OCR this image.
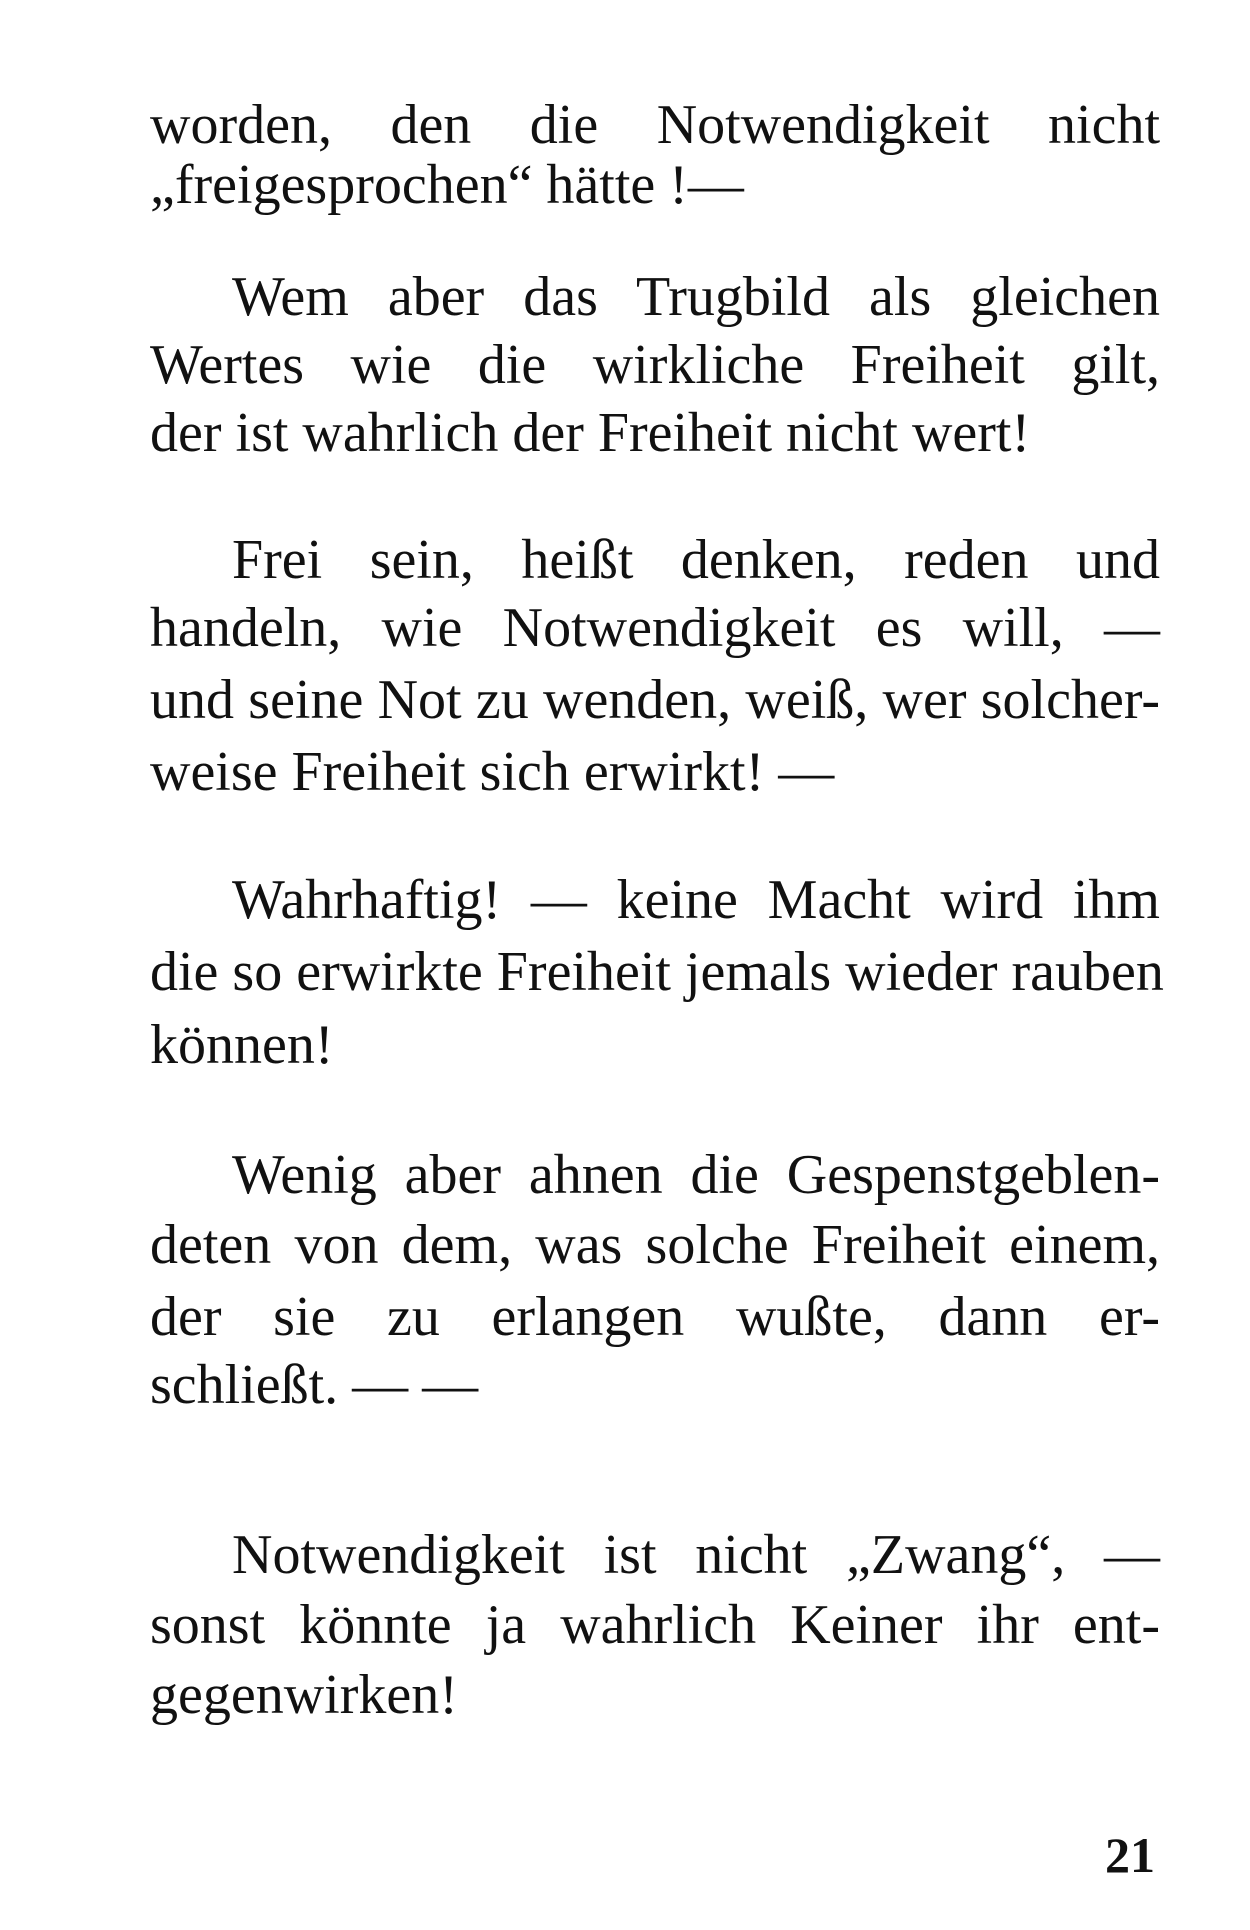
worden, den die Notwendigkeit nicht
„freigesprochen“ hätte !—
Wem aber das Trugbild als gleichen
Wertes wie die wirkliche Freiheit gilt,
der ist wahrlich der Freiheit nicht wert!
Frei sein, heißt denken, reden und
handeln, wie Notwendigkeit es will, —
und seine Not zu wenden, weiß, wer solcher-
weise Freiheit sich erwirkt! —
Wahrhaftig! — keine Macht wird ihm
die so erwirkte Freiheit jemals wieder rauben
können!
Wenig aber ahnen die Gespenstgeblen-
deten von dem, was solche Freiheit einem,
der sie zu erlangen wußte, dann er-
schließt. — —
Notwendigkeit ist nicht „Zwang“, —
sonst könnte ja wahrlich Keiner ihr ent-
gegenwirken!
21
